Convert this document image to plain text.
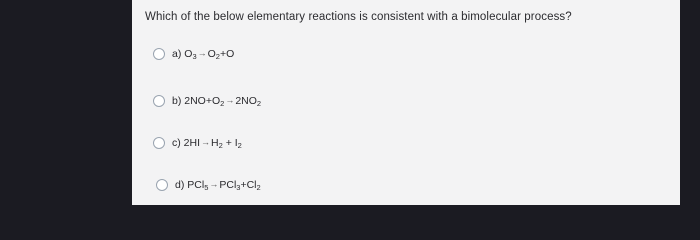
Which of the below elementary reactions is consistent with a bimolecular process?
a) $O_3\to O_2+O$
b) $2NO+O_2\to 2NO_2$
c) $2HI\to H_2 + I_2$
d) $PCl_5\to PCl_3+Cl_2$
